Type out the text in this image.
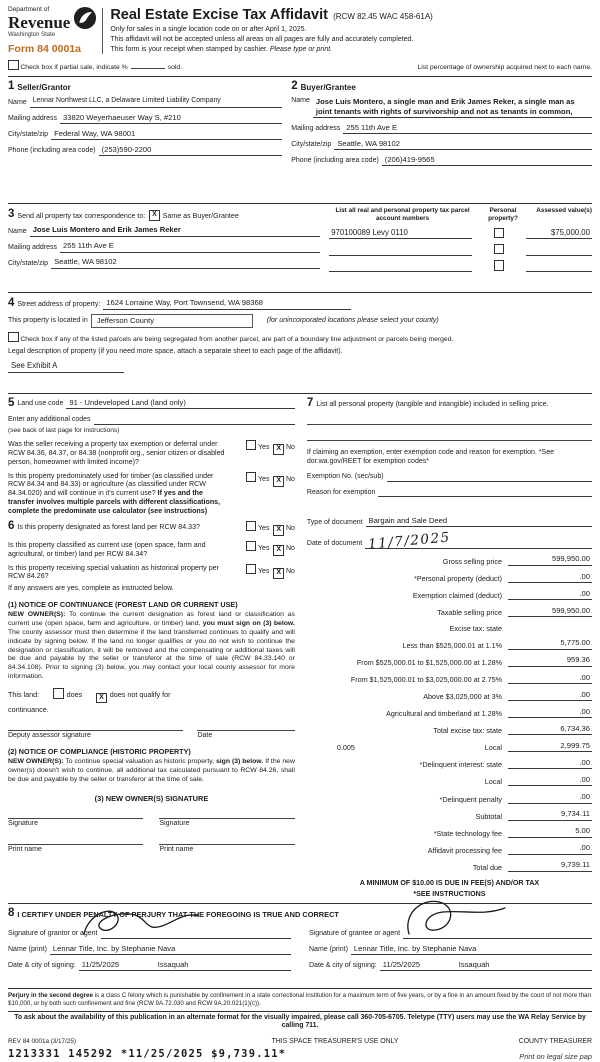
Department of
Revenue
Washington State
Form 84 0001a
Real Estate Excise Tax Affidavit (RCW 82.45 WAC 458-61A)
Only for sales in a single location code on or after April 1, 2025.
This affidavit will not be accepted unless all areas on all pages are fully and accurately completed.
This form is your receipt when stamped by cashier. Please type or print.
Check box if partial sale, indicate %	sold.	List percentage of ownership acquired next to each name.
1 Seller/Grantor
Name Lennar Northwest LLC, a Delaware Limited Liability Company
Mailing address 33820 Weyerhaeuser Way S, #210
City/state/zip Federal Way, WA 98001
Phone (including area code) (253)590-2200
2 Buyer/Grantee
Name Jose Luis Montero, a single man and Erik James Reker, a single man as joint tenants with rights of survivorship and not as tenants in common,
Mailing address 255 11th Ave E
City/state/zip Seattle, WA 98102
Phone (including area code) (206)419-9565
3 Send all property tax correspondence to: X Same as Buyer/Grantee
Name Jose Luis Montero and Erik James Reker
Mailing address 255 11th Ave E
City/state/zip Seattle, WA 98102
List all real and personal property tax parcel account numbers
Personal property?
Assessed value(s)
970100089 Levy 0110	$75,000.00
4 Street address of property: 1624 Lorraine Way, Port Townsend, WA 98368
This property is located in	Jefferson County	(for unincorporated locations please select your county)
Check box if any of the listed parcels are being segregated from another parcel, are part of a boundary line adjustment or parcels being merged.
Legal description of property (if you need more space, attach a separate sheet to each page of the affidavit).
See Exhibit A
5 Land use code 91 - Undeveloped Land (land only)
Enter any additional codes
(see back of last page for instructions)
Was the seller receiving a property tax exemption or deferral under RCW 84.36, 84.37, or 84.38 (nonprofit org., senior citizen or disabled person, homeowner with limited income)?
Yes X No
Is this property predominately used for timber (as classified under RCW 84.34 and 84.33) or agriculture (as classified under RCW 84.34.020) and will continue in it's current use? If yes and the transfer involves multiple parcels with different classifications, complete the predominate use calculator (see instructions)
Yes X No
6 Is this property designated as forest land per RCW 84.33?	Yes X No
Is this property classified as current use (open space, farm and agricultural, or timber) land per RCW 84.34?
Yes X No
Is this property receiving special valuation as historical property per RCW 84.26?
Yes X No
If any answers are yes, complete as instructed below.
(1) NOTICE OF CONTINUANCE (FOREST LAND OR CURRENT USE)
NEW OWNER(S): To continue the current designation as forest land or classification as current use (open space, farm and agriculture, or timber) land, you must sign on (3) below. The county assessor must then determine if the land transferred continues to qualify and will indicate by signing below. If the land no longer qualifies or you do not wish to continue the designation or classification, it will be removed and the compensating or additional taxes will be due and payable by the seller or transferor at the time of sale (RCW 84.33.140 or 84.34.108). Prior to signing (3) below, you may contact your local county assessor for more information.
This land:	does X does not qualify for
continuance.
Deputy assessor signature	Date
(2) NOTICE OF COMPLIANCE (HISTORIC PROPERTY)
NEW OWNER(S): To continue special valuation as historic property, sign (3) below. If the new owner(s) doesn't wish to continue, all additional tax calculated pursuant to RCW 84.26, shall be due and payable by the seller or transferor at the time of sale.
(3) NEW OWNER(S) SIGNATURE
Signature	Signature
Print name	Print name
7 List all personal property (tangible and intangible) included in selling price.

If claiming an exemption, enter exemption code and reason for exemption. *See dor.wa.gov/REET for exemption codes*

Exemption No. (sec/sub)
Reason for exemption
Type of document Bargain and Sale Deed
Date of document 11/7/2025
Gross selling price	599,950.00
*Personal property (deduct)	.00
Exemption claimed (deduct)	.00
Taxable selling price	599,950.00
Excise tax: state
Less than $525,000.01 at 1.1%	5,775.00
From $525,000.01 to $1,525,000.00 at 1.28%	959.36
From $1,525,000.01 to $3,025,000.00 at 2.75%	.00
Above $3,025,000 at 3%	.00
Agricultural and timberland at 1.28%	.00
Total excise tax: state	6,734.36
0.005	Local	2,999.75
*Delinquent interest: state	.00
Local	.00
*Delinquent penalty	.00
Subtotal	9,734.11
*State technology fee	5.00
Affidavit processing fee	.00
Total due	9,739.11
A MINIMUM OF $10.00 IS DUE IN FEE(S) AND/OR TAX
*SEE INSTRUCTIONS
8 I CERTIFY UNDER PENALTY OF PERJURY THAT THE FOREGOING IS TRUE AND CORRECT
Signature of grantor or agent
Name (print) Lennar Title, Inc. by Stephanie Nava
Date & city of signing: 11/25/2025	Issaquah
Signature of grantee or agent
Name (print) Lennar Title, Inc. by Stephanie Nava
Date & city of signing: 11/25/2025	Issaquah

Perjury in the second degree is a class C felony which is punishable by confinement in a state correctional institution for a maximum term of five years, or by a fine in an amount fixed by the court of not more than $10,000, or by both such confinement and fine (RCW 9A.72.030 and RCW 9A.20.021(1)(c)).

To ask about the availability of this publication in an alternate format for the visually impaired, please call 360-705-6705. Teletype (TTY) users may use the WA Relay Service by calling 711.

REV 84 0001a (3/17/25)	THIS SPACE TREASURER'S USE ONLY	COUNTY TREASURER
1213331 145292 *11/25/2025 $9,739.11*	Print on legal size pap
